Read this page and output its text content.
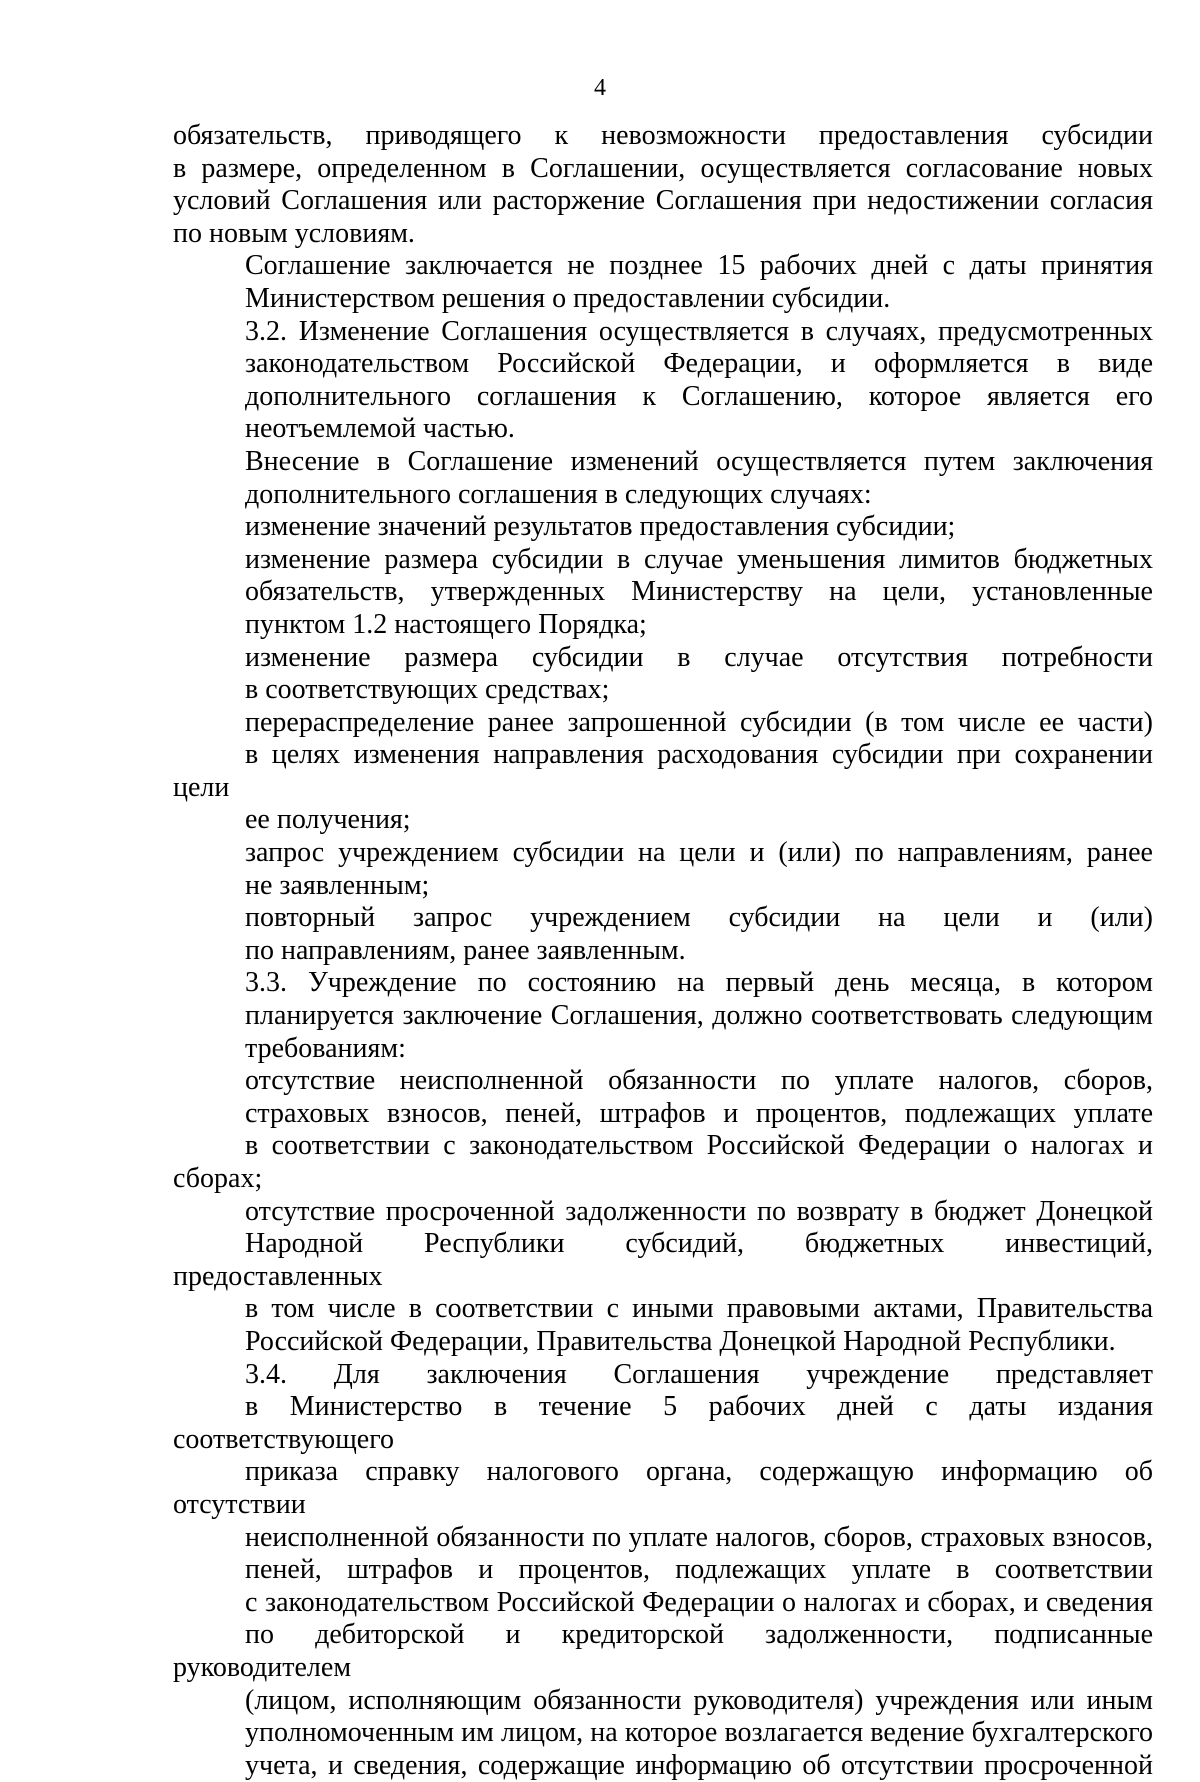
4
обязательств, приводящего к невозможности предоставления субсидии
в размере, определенном в Соглашении, осуществляется согласование новых
условий Соглашения или расторжение Соглашения при недостижении согласия
по новым условиям.
Соглашение заключается не позднее 15 рабочих дней с даты принятия
Министерством решения о предоставлении субсидии.
3.2. Изменение Соглашения осуществляется в случаях, предусмотренных
законодательством Российской Федерации, и оформляется в виде
дополнительного соглашения к Соглашению, которое является его
неотъемлемой частью.
Внесение в Соглашение изменений осуществляется путем заключения
дополнительного соглашения в следующих случаях:
изменение значений результатов предоставления субсидии;
изменение размера субсидии в случае уменьшения лимитов бюджетных
обязательств, утвержденных Министерству на цели, установленные
пунктом 1.2 настоящего Порядка;
изменение размера субсидии в случае отсутствия потребности
в соответствующих средствах;
перераспределение ранее запрошенной субсидии (в том числе ее части)
в целях изменения направления расходования субсидии при сохранении цели
ее получения;
запрос учреждением субсидии на цели и (или) по направлениям, ранее
не заявленным;
повторный запрос учреждением субсидии на цели и (или)
по направлениям, ранее заявленным.
3.3. Учреждение по состоянию на первый день месяца, в котором
планируется заключение Соглашения, должно соответствовать следующим
требованиям:
отсутствие неисполненной обязанности по уплате налогов, сборов,
страховых взносов, пеней, штрафов и процентов, подлежащих уплате
в соответствии с законодательством Российской Федерации о налогах и сборах;
отсутствие просроченной задолженности по возврату в бюджет Донецкой
Народной Республики субсидий, бюджетных инвестиций, предоставленных
в том числе в соответствии с иными правовыми актами, Правительства
Российской Федерации, Правительства Донецкой Народной Республики.
3.4. Для заключения Соглашения учреждение представляет
в Министерство в течение 5 рабочих дней с даты издания соответствующего
приказа справку налогового органа, содержащую информацию об отсутствии
неисполненной обязанности по уплате налогов, сборов, страховых взносов,
пеней, штрафов и процентов, подлежащих уплате в соответствии
с законодательством Российской Федерации о налогах и сборах, и сведения
по дебиторской и кредиторской задолженности, подписанные руководителем
(лицом, исполняющим обязанности руководителя) учреждения или иным
уполномоченным им лицом, на которое возлагается ведение бухгалтерского
учета, и сведения, содержащие информацию об отсутствии просроченной
